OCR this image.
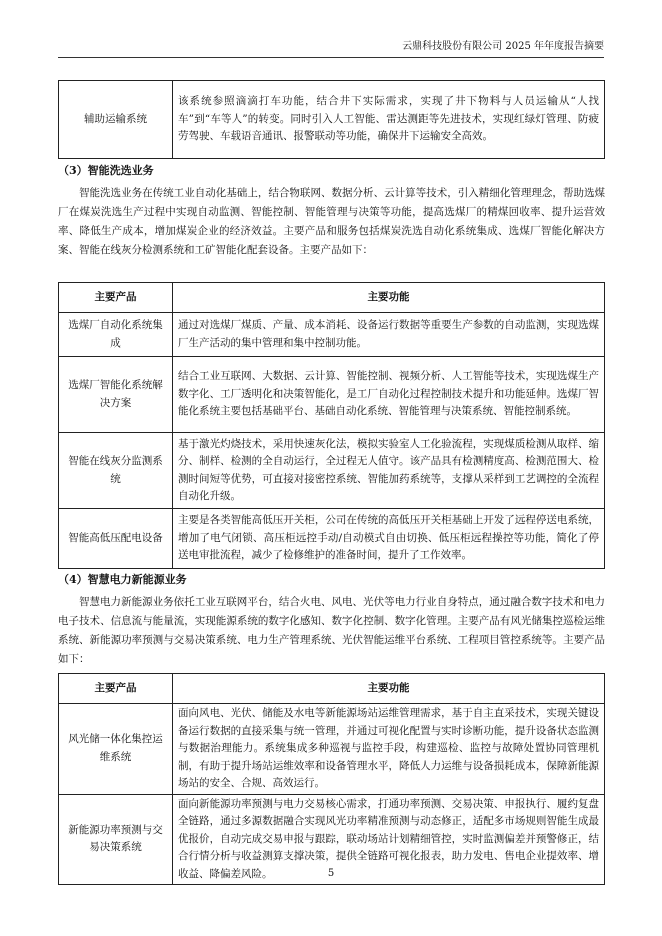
云鼎科技股份有限公司 2025 年年度报告摘要
辅助运输系统	该系统参照滴滴打车功能，结合井下实际需求，实现了井下物料与人员运输从“人找车”到“车等人”的转变。同时引入人工智能、雷达测距等先进技术，实现红绿灯管理、防疲劳驾驶、车载语音通讯、报警联动等功能，确保井下运输安全高效。
（3）智能洗选业务

智能洗选业务在传统工业自动化基础上，结合物联网、数据分析、云计算等技术，引入精细化管理理念，帮助选煤厂在煤炭洗选生产过程中实现自动监测、智能控制、智能管理与决策等功能，提高选煤厂的精煤回收率、提升运营效率、降低生产成本，增加煤炭企业的经济效益。主要产品和服务包括煤炭洗选自动化系统集成、选煤厂智能化解决方案、智能在线灰分检测系统和工矿智能化配套设备。主要产品如下：

主要产品	主要功能
选煤厂自动化系统集成	通过对选煤厂煤质、产量、成本消耗、设备运行数据等重要生产参数的自动监测，实现选煤厂生产活动的集中管理和集中控制功能。
选煤厂智能化系统解决方案	结合工业互联网、大数据、云计算、智能控制、视频分析、人工智能等技术，实现选煤生产数字化、工厂透明化和决策智能化，是工厂自动化过程控制技术提升和功能延伸。选煤厂智能化系统主要包括基础平台、基础自动化系统、智能管理与决策系统、智能控制系统。
智能在线灰分监测系统	基于激光灼烧技术，采用快速灰化法，模拟实验室人工化验流程，实现煤质检测从取样、缩分、制样、检测的全自动运行，全过程无人值守。该产品具有检测精度高、检测范围大、检测时间短等优势，可直接对接密控系统、智能加药系统等，支撑从采样到工艺调控的全流程自动化升级。
智能高低压配电设备	主要是各类智能高低压开关柜，公司在传统的高低压开关柜基础上开发了远程停送电系统，增加了电气闭锁、高压柜远控手动/自动模式自由切换、低压柜远程操控等功能，简化了停送电审批流程，减少了检修维护的准备时间，提升了工作效率。
（4）智慧电力新能源业务

智慧电力新能源业务依托工业互联网平台，结合火电、风电、光伏等电力行业自身特点，通过融合数字技术和电力电子技术、信息流与能量流，实现能源系统的数字化感知、数字化控制、数字化管理。主要产品有风光储集控巡检运维系统、新能源功率预测与交易决策系统、电力生产管理系统、光伏智能运维平台系统、工程项目管控系统等。主要产品如下：

主要产品	主要功能
风光储一体化集控运维系统	面向风电、光伏、储能及水电等新能源场站运维管理需求，基于自主直采技术，实现关键设备运行数据的直接采集与统一管理，并通过可视化配置与实时诊断功能，提升设备状态监测与数据治理能力。系统集成多种巡视与监控手段，构建巡检、监控与故障处置协同管理机制，有助于提升场站运维效率和设备管理水平，降低人力运维与设备损耗成本，保障新能源场站的安全、合规、高效运行。
新能源功率预测与交易决策系统	面向新能源功率预测与电力交易核心需求，打通功率预测、交易决策、申报执行、履约复盘全链路，通过多源数据融合实现风光功率精准预测与动态修正，适配多市场规则智能生成最优报价，自动完成交易申报与跟踪，联动场站计划精细管控，实时监测偏差并预警修正，结合行情分析与收益测算支撑决策，提供全链路可视化报表，助力发电、售电企业提效率、增收益、降偏差风险。	5
